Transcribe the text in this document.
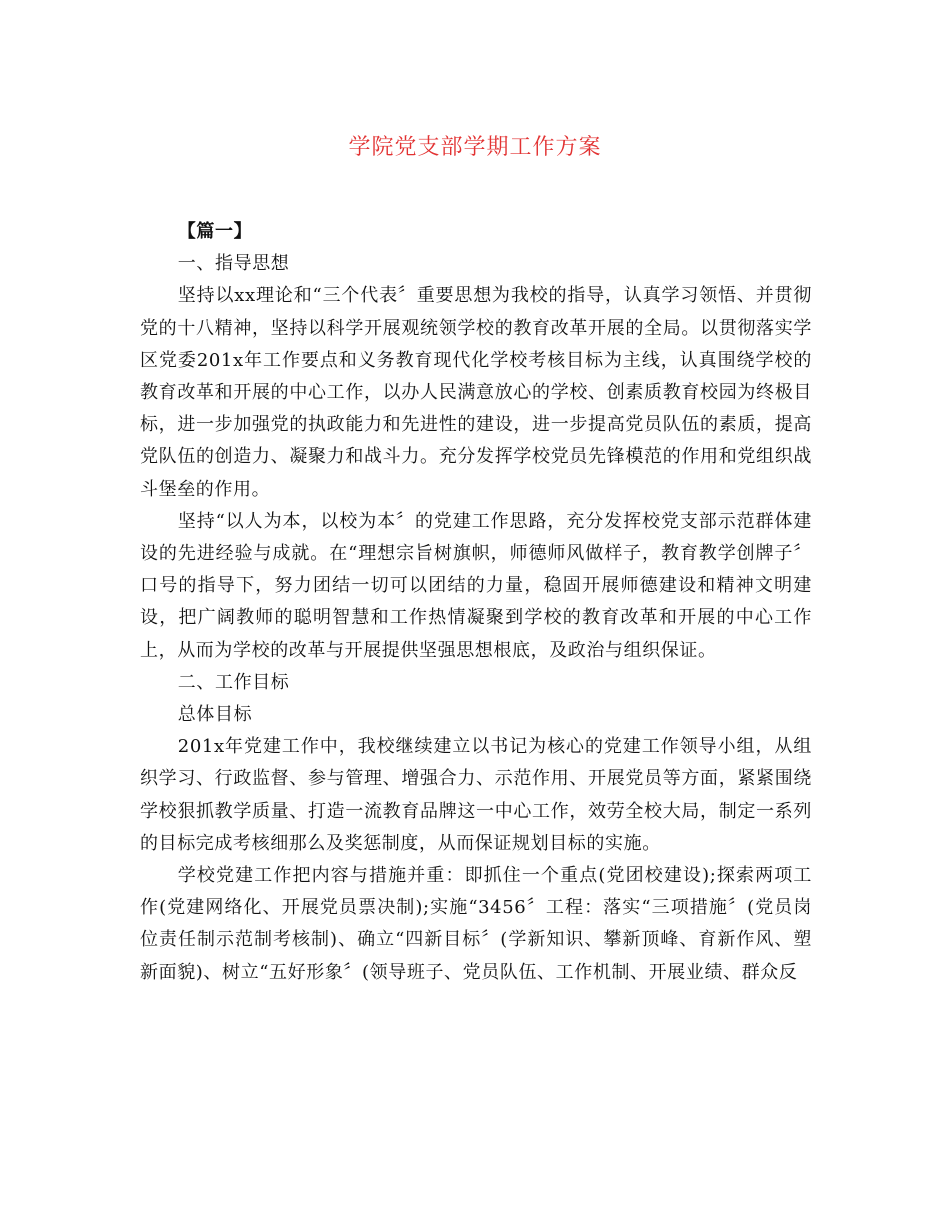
学院党支部学期工作方案

【篇一】

一、指导思想

坚持以xx理论和“三个代表〞重要思想为我校的指导，认真学习领悟、并贯彻党的十八精神，坚持以科学开展观统领学校的教育改革开展的全局。以贯彻落实学区党委201x年工作要点和义务教育现代化学校考核目标为主线，认真围绕学校的教育改革和开展的中心工作，以办人民满意放心的学校、创素质教育校园为终极目标，进一步加强党的执政能力和先进性的建设，进一步提高党员队伍的素质，提高党队伍的创造力、凝聚力和战斗力。充分发挥学校党员先锋模范的作用和党组织战斗堡垒的作用。

坚持“以人为本，以校为本〞的党建工作思路，充分发挥校党支部示范群体建设的先进经验与成就。在“理想宗旨树旗帜，师德师风做样子，教育教学创牌子〞口号的指导下，努力团结一切可以团结的力量，稳固开展师德建设和精神文明建设，把广阔教师的聪明智慧和工作热情凝聚到学校的教育改革和开展的中心工作上，从而为学校的改革与开展提供坚强思想根底，及政治与组织保证。

二、工作目标

总体目标

201x年党建工作中，我校继续建立以书记为核心的党建工作领导小组，从组织学习、行政监督、参与管理、增强合力、示范作用、开展党员等方面，紧紧围绕学校狠抓教学质量、打造一流教育品牌这一中心工作，效劳全校大局，制定一系列的目标完成考核细那么及奖惩制度，从而保证规划目标的实施。

学校党建工作把内容与措施并重：即抓住一个重点(党团校建设);探索两项工作(党建网络化、开展党员票决制);实施“3456〞工程：落实“三项措施〞(党员岗位责任制示范制考核制)、确立“四新目标〞(学新知识、攀新顶峰、育新作风、塑新面貌)、树立“五好形象〞(领导班子、党员队伍、工作机制、开展业绩、群众反
